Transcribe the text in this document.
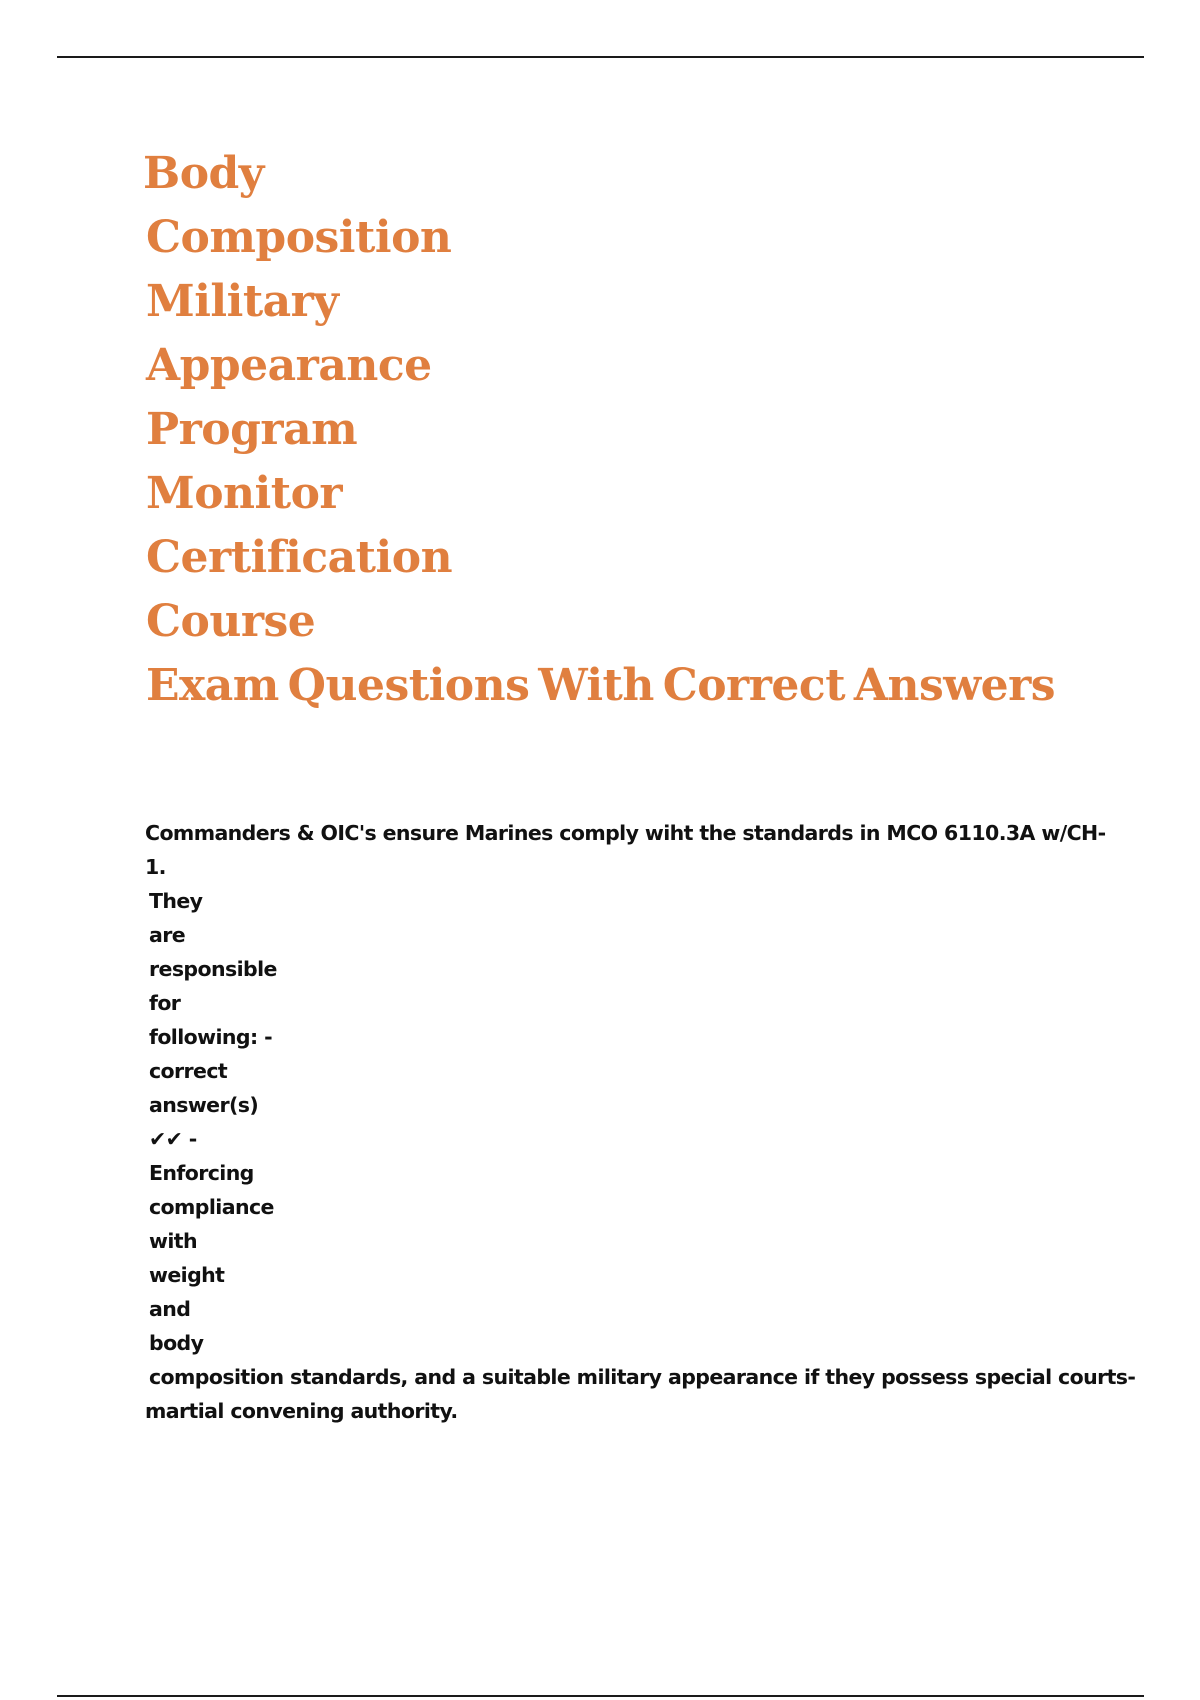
Body
Composition
Military
Appearance
Program
Monitor
Certification
Course
Exam Questions With Correct Answers
Commanders & OIC's ensure Marines comply wiht the standards in MCO 6110.3A w/CH-
1.
They
are
responsible
for
following: -
correct
answer(s)
✔✔ -
Enforcing
compliance
with
weight
and
body
composition standards, and a suitable military appearance if they possess special courts-
martial convening authority.
